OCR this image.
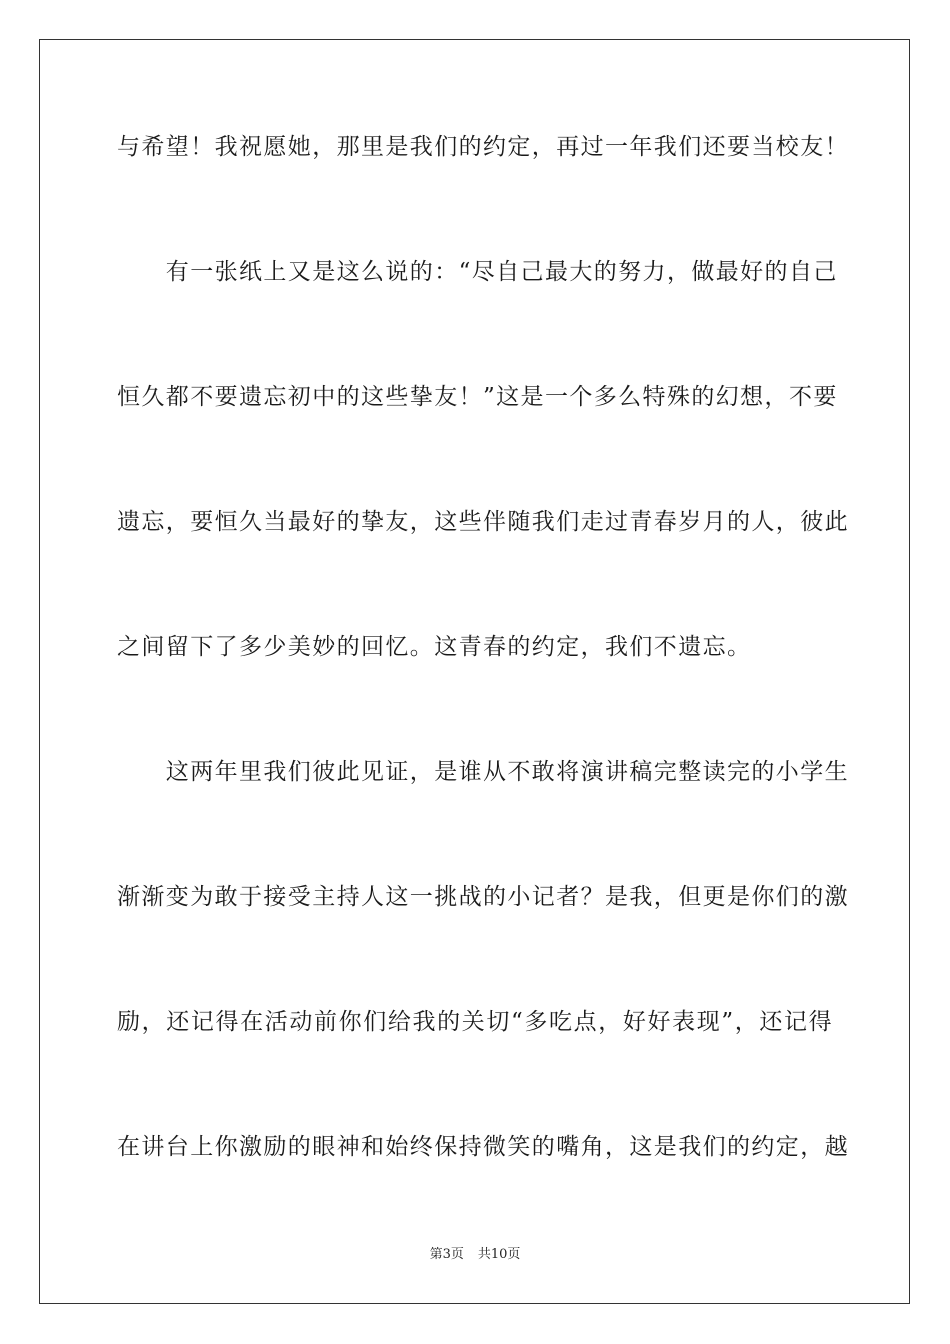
与希望！我祝愿她，那里是我们的约定，再过一年我们还要当校友！
　　有一张纸上又是这么说的：“尽自己最大的努力，做最好的自己
恒久都不要遗忘初中的这些挚友！”这是一个多么特殊的幻想，不要
遗忘，要恒久当最好的挚友，这些伴随我们走过青春岁月的人，彼此
之间留下了多少美妙的回忆。这青春的约定，我们不遗忘。
　　这两年里我们彼此见证，是谁从不敢将演讲稿完整读完的小学生
渐渐变为敢于接受主持人这一挑战的小记者？是我，但更是你们的激
励，还记得在活动前你们给我的关切“多吃点，好好表现”，还记得
在讲台上你激励的眼神和始终保持微笑的嘴角，这是我们的约定，越
第3页 共10页
